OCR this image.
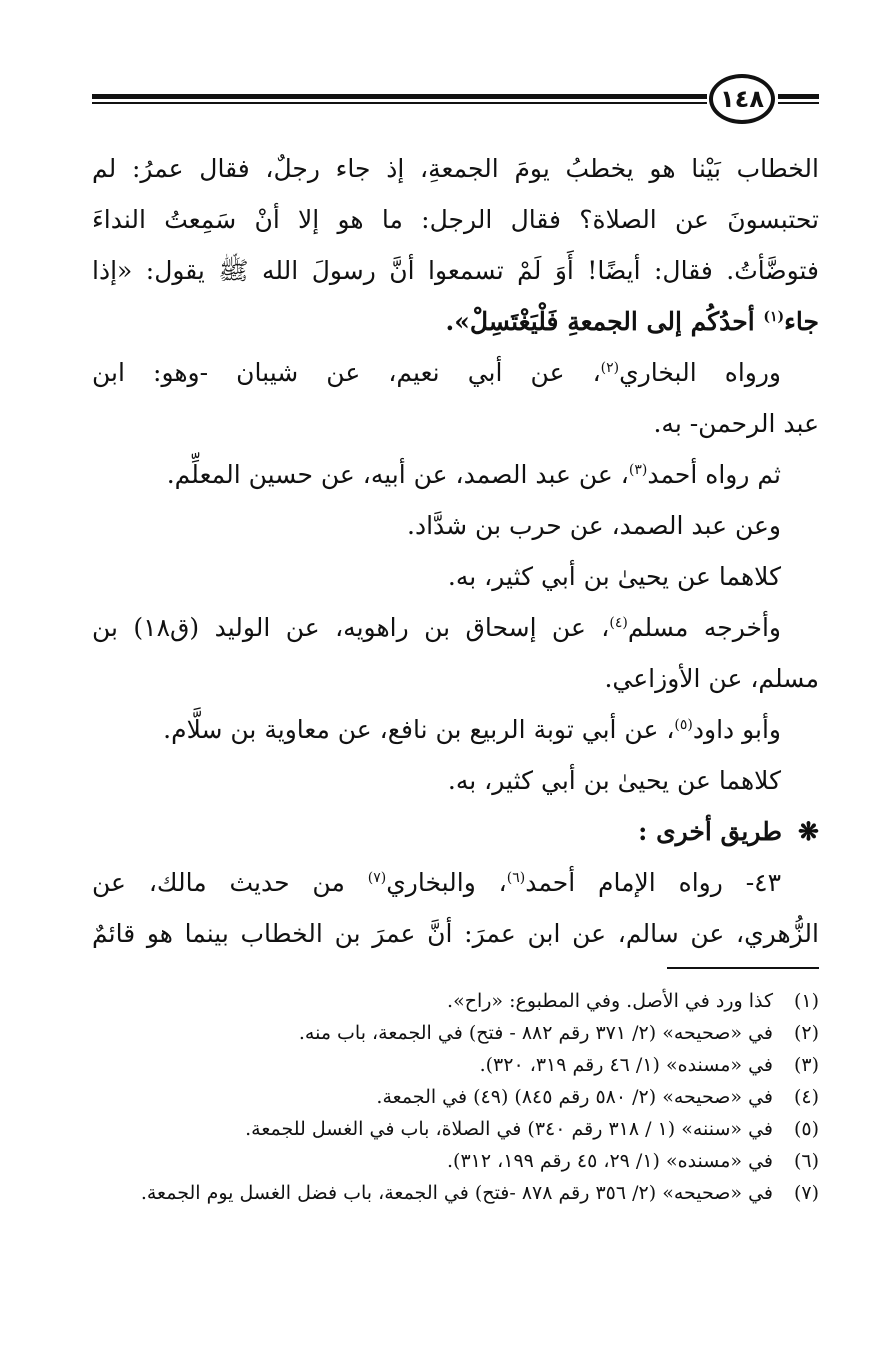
١٤٨
الخطاب بَيْنا هو يخطبُ يومَ الجمعةِ، إذ جاء رجلٌ، فقال عمرُ: لم
تحتبسونَ عن الصلاة؟ فقال الرجل: ما هو إلا أنْ سَمِعتُ النداءَ
فتوضَّأتُ. فقال: أيضًا! أَوَ لَمْ تسمعوا أنَّ رسولَ الله ﷺ يقول: «إذا
جاء$^{(١)}$ أحدُكُم إلى الجمعةِ فَلْيَغْتَسِلْ».
ورواه البخاري$^{(٢)}$، عن أبي نعيم، عن شيبان -وهو: ابن
عبد الرحمن- به.
ثم رواه أحمد$^{(٣)}$، عن عبد الصمد، عن أبيه، عن حسين المعلِّم.
وعن عبد الصمد، عن حرب بن شدَّاد.
كلاهما عن يحيىٰ بن أبي كثير، به.
وأخرجه مسلم$^{(٤)}$، عن إسحاق بن راهويه، عن الوليد (ق١٨) بن
مسلم، عن الأوزاعي.
وأبو داود$^{(٥)}$، عن أبي توبة الربيع بن نافع، عن معاوية بن سلَّام.
كلاهما عن يحيىٰ بن أبي كثير، به.
❋طريق أخرى :
٤٣- رواه الإمام أحمد$^{(٦)}$، والبخاري$^{(٧)}$ من حديث مالك، عن
الزُّهري، عن سالم، عن ابن عمرَ: أنَّ عمرَ بن الخطاب بينما هو قائمٌ
(١)كذا ورد في الأصل. وفي المطبوع: «راح».
(٢)في «صحيحه» (٢/ ٣٧١ رقم ٨٨٢ - فتح) في الجمعة، باب منه.
(٣)في «مسنده» (١/ ٤٦ رقم ٣١٩، ٣٢٠).
(٤)في «صحيحه» (٢/ ٥٨٠ رقم ٨٤٥) (٤٩) في الجمعة.
(٥)في «سننه» (١ / ٣١٨ رقم ٣٤٠) في الصلاة، باب في الغسل للجمعة.
(٦)في «مسنده» (١/ ٢٩، ٤٥ رقم ١٩٩، ٣١٢).
(٧)في «صحيحه» (٢/ ٣٥٦ رقم ٨٧٨ -فتح) في الجمعة، باب فضل الغسل يوم الجمعة.
